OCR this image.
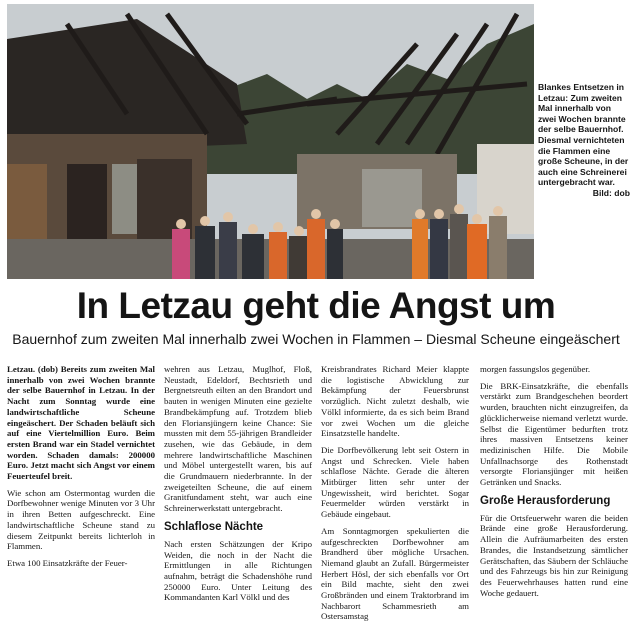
Blankes Entsetzen in Letzau: Zum zweiten Mal innerhalb von zwei Wochen brannte der selbe Bauernhof. Diesmal vernichteten die Flammen eine große Scheune, in der auch eine Schreinerei untergebracht war.
Bild: dob
In Letzau geht die Angst um
Bauernhof zum zweiten Mal innerhalb zwei Wochen in Flammen – Diesmal Scheune eingeäschert

Letzau. (dob) Bereits zum zweiten Mal innerhalb von zwei Wochen brannte der selbe Bauernhof in Letzau. In der Nacht zum Sonntag wurde eine landwirtschaftliche Scheune eingeäschert. Der Schaden beläuft sich auf eine Viertelmillion Euro. Beim ersten Brand war ein Stadel vernichtet worden. Schaden damals: 200000 Euro. Jetzt macht sich Angst vor einem Feuerteufel breit.

Wie schon am Ostermontag wurden die Dorfbewohner wenige Minuten vor 3 Uhr in ihren Betten aufgeschreckt. Eine landwirtschaftliche Scheune stand zu diesem Zeitpunkt bereits lichterloh in Flammen.

Etwa 100 Einsatzkräfte der Feuer-

wehren aus Letzau, Muglhof, Floß, Neustadt, Edeldorf, Bechtsrieth und Bergnetsreuth eilten an den Brandort und bauten in wenigen Minuten eine gezielte Brandbekämpfung auf. Trotzdem blieb den Floriansjüngern keine Chance: Sie mussten mit dem 55-jährigen Brandleider zusehen, wie das Gebäude, in dem mehrere landwirtschaftliche Maschinen und Möbel untergestellt waren, bis auf die Grundmauern niederbrannte. In der zweigeteilten Scheune, die auf einem Granitfundament steht, war auch eine Schreinerwerkstatt untergebracht.

Schlaflose Nächte

Nach ersten Schätzungen der Kripo Weiden, die noch in der Nacht die Ermittlungen in alle Richtungen aufnahm, beträgt die Schadenshöhe rund 250000 Euro. Unter Leitung des Kommandanten Karl Völkl und des

Kreisbrandrates Richard Meier klappte die logistische Abwicklung zur Bekämpfung der Feuersbrunst vorzüglich. Nicht zuletzt deshalb, wie Völkl informierte, da es sich beim Brand vor zwei Wochen um die gleiche Einsatzstelle handelte.

Die Dorfbevölkerung lebt seit Ostern in Angst und Schrecken. Viele haben schlaflose Nächte. Gerade die älteren Mitbürger litten sehr unter der Ungewissheit, wird berichtet. Sogar Feuermelder würden verstärkt in Gebäude eingebaut.

Am Sonntagmorgen spekulierten die aufgeschreckten Dorfbewohner am Brandherd über mögliche Ursachen. Niemand glaubt an Zufall. Bürgermeister Herbert Hösl, der sich ebenfalls vor Ort ein Bild machte, sieht den zwei Großbränden und einem Traktorbrand im Nachbarort Schammesrieth am Ostersamstag

morgen fassungslos gegenüber.

Die BRK-Einsatzkräfte, die ebenfalls verstärkt zum Brandgeschehen beordert wurden, brauchten nicht einzugreifen, da glücklicherweise niemand verletzt wurde. Selbst die Eigentümer bedurften trotz ihres massiven Entsetzens keiner medizinischen Hilfe. Die Mobile Unfallnachsorge des Rothenstadt versorgte Floriansjünger mit heißen Getränken und Snacks.

Große Herausforderung

Für die Ortsfeuerwehr waren die beiden Brände eine große Herausforderung. Allein die Aufräumarbeiten des ersten Brandes, die Instandsetzung sämtlicher Gerätschaften, das Säubern der Schläuche und des Fahrzeugs bis hin zur Reinigung des Feuerwehrhauses hatten rund eine Woche gedauert.
